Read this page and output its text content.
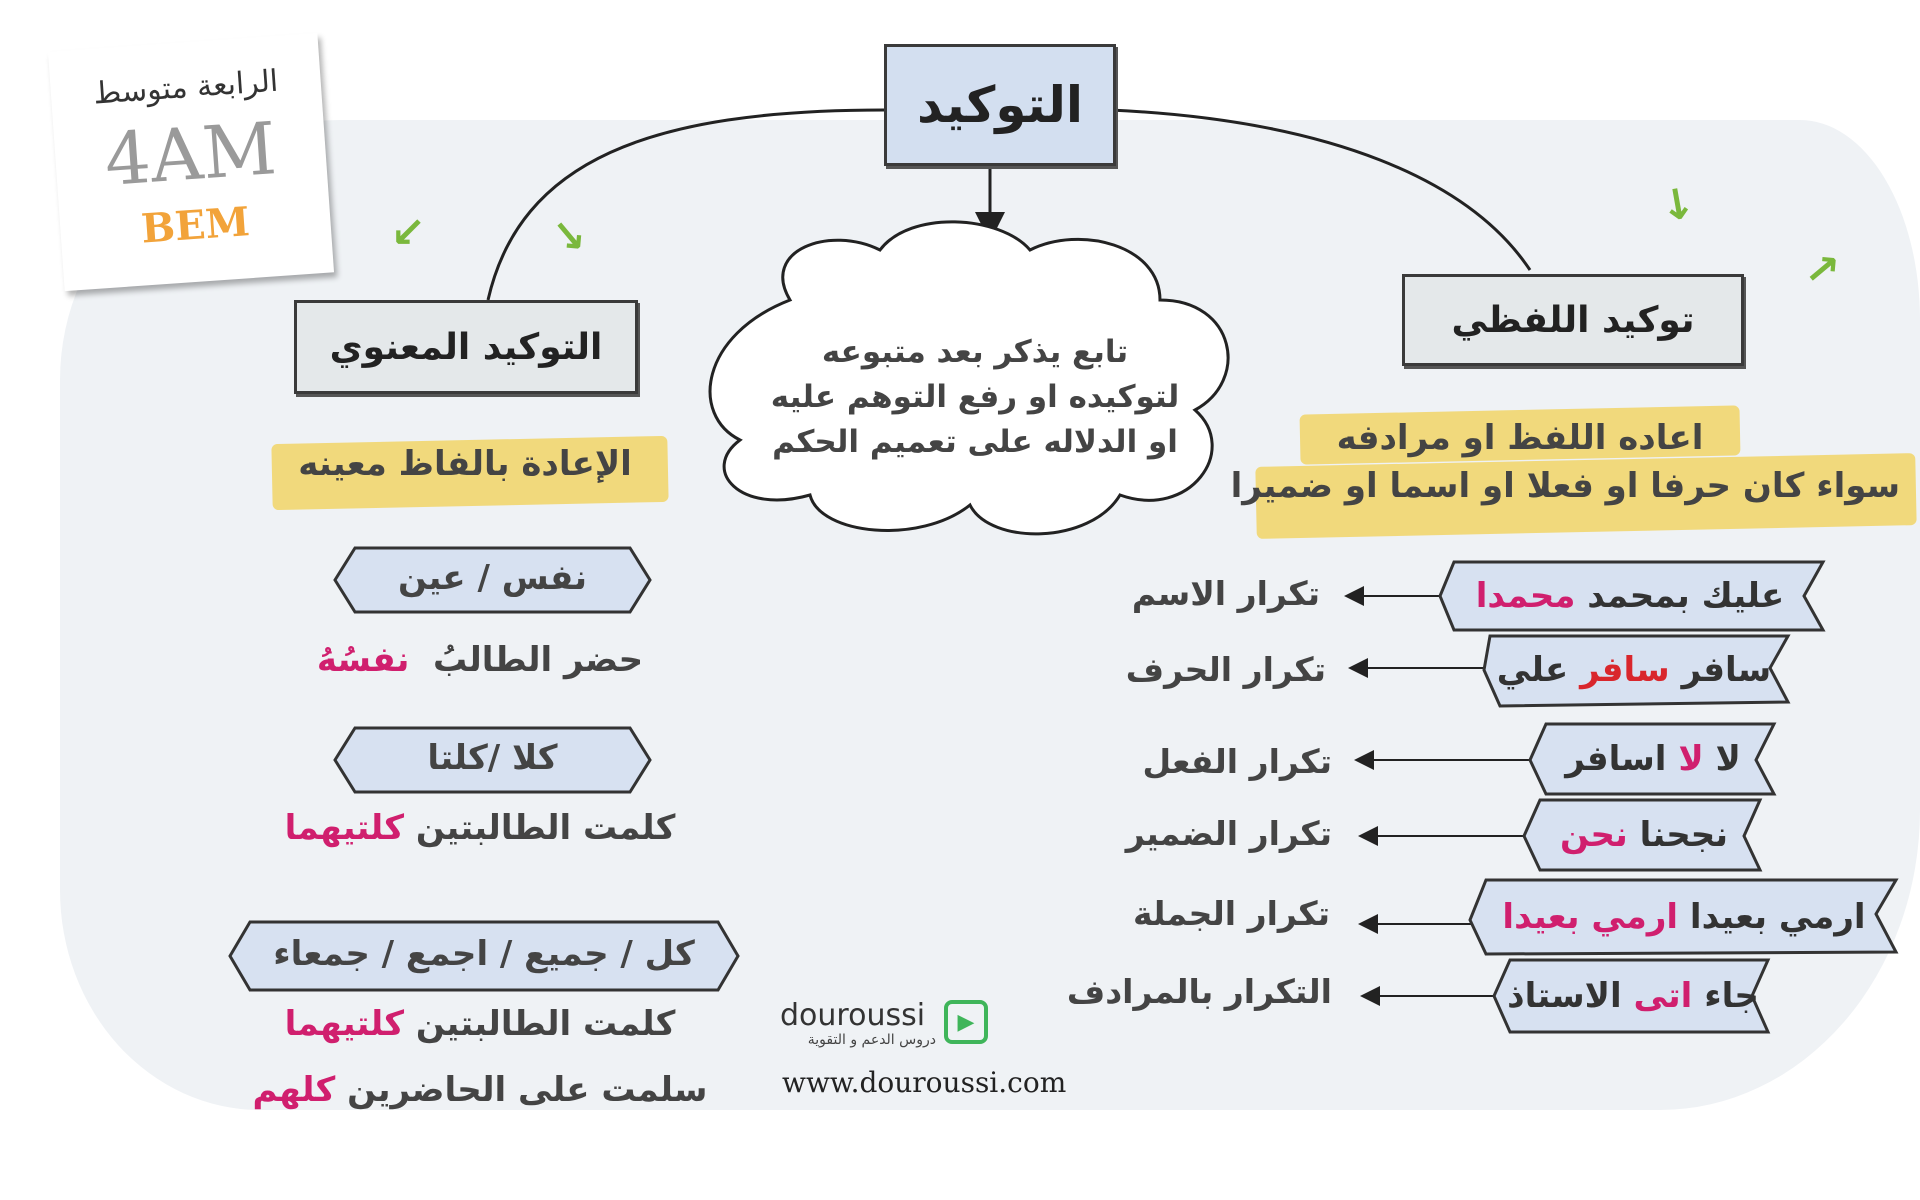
الرابعة متوسط
4AM
BEM	↓ ↓
↓
↓
التوكيد
تابع يذكر بعد متبوعه
لتوكيده او رفع التوهم عليه
او الدلاله على تعميم الحكم
توكيد اللفظي
اعاده اللفظ او مرادفه
سواء كان حرفا او فعلا او اسما او ضميرا
عليك بمحمد

محمدا
سافر

سافر

علي
لا

لا

اسافر
نجحنا

نحن
ارمي بعيدا

ارمي بعيدا
جاء

اتى

الاستاذ
تكرار الاسم
تكرار الحرف
تكرار الفعل
تكرار الضمير
تكرار الجملة
التكرار بالمرادف
التوكيد المعنوي
الإعادة بالفاظ معينه
نفس / عين
حضر الطالبُ  نفسُهُ
كلا /كلتا
كلمت الطالبتين كلتيهما
كل / جميع / اجمع / جمعاء
كلمت الطالبتين كلتيهما
سلمت على الحاضرين كلهم
douroussi
دروس الدعم و التقوية
▶
www.douroussi.com
